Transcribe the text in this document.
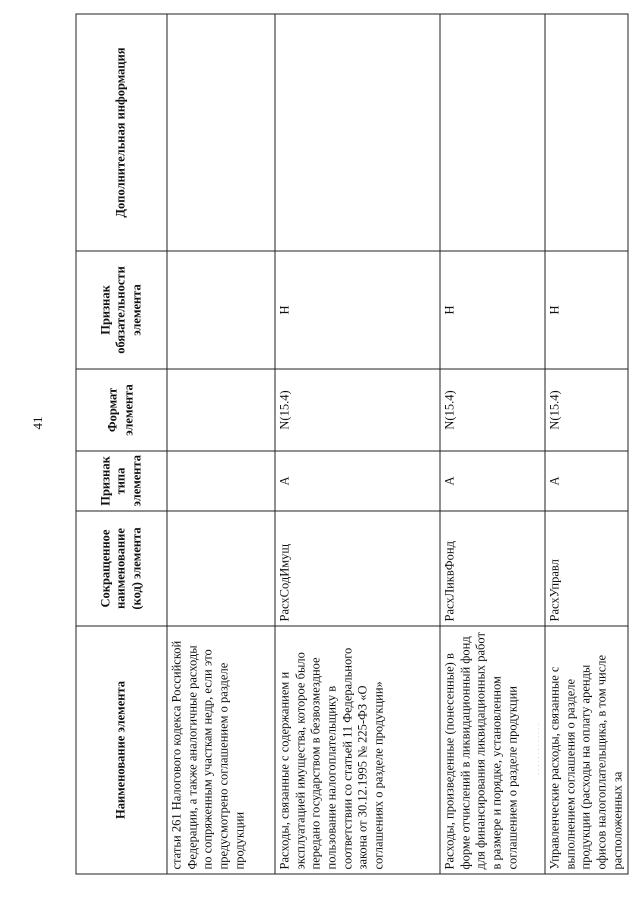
41
Наименование элемента	Сокращенное наименование (код) элемента	Признак типа элемента	Формат элемента	Признак обязательности элемента	Дополнительная информация
статьи 261 Налогового кодекса Российской Федерации, а также аналогичные расходы по сопряженным участкам недр, если это предусмотрено соглашением о разделе продукции					
Расходы, связанные с содержанием и эксплуатацией имущества, которое было передано государством в безвозмездное пользование налогоплательщику в соответствии со статьей 11 Федерального закона от 30.12.1995 № 225-ФЗ «О соглашениях о разделе продукции»	РасхСодИмущ	А	N(15.4)	Н	
Расходы, произведенные (понесенные) в форме отчислений в ликвидационный фонд для финансирования ликвидационных работ в размере и порядке, установленном соглашением о разделе продукции	РасхЛиквФонд	А	N(15.4)	Н	
Управленческие расходы, связанные с выполнением соглашения о разделе продукции (расходы на оплату аренды офисов налогоплательщика, в том числе расположенных за	РасхУправл	А	N(15.4)	Н	
· · · · · · · · · · · · ·
